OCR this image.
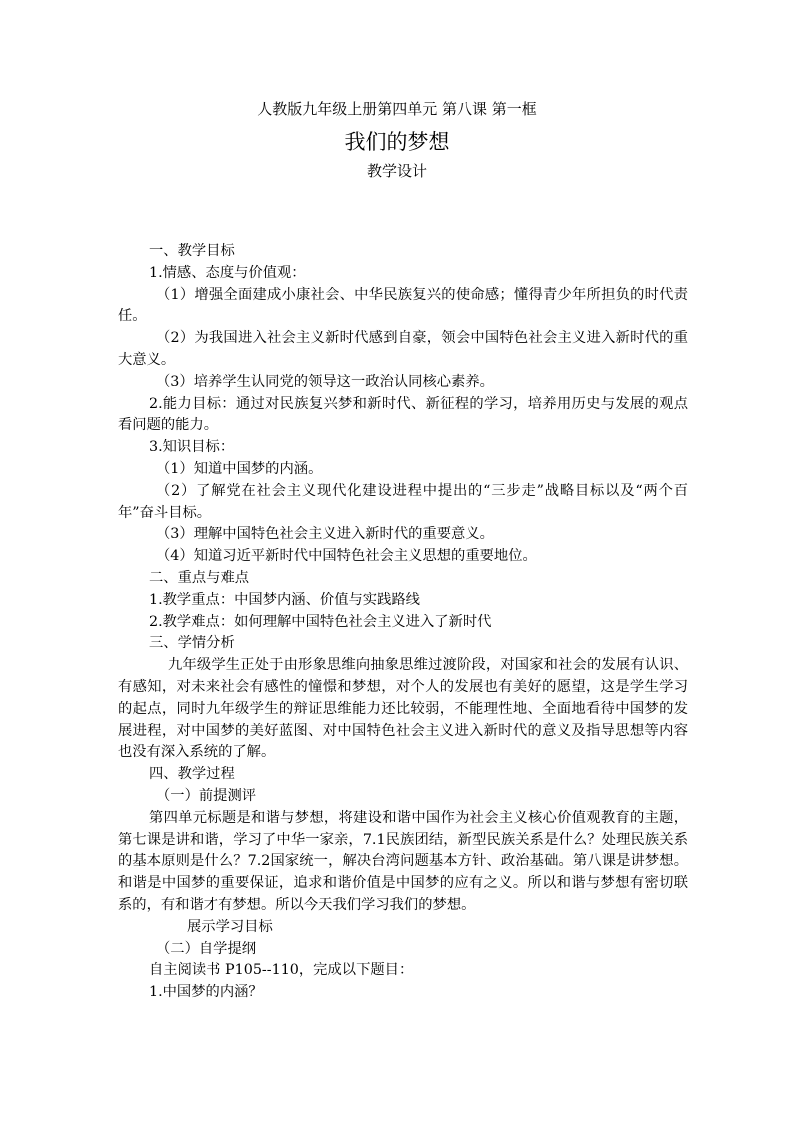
人教版九年级上册第四单元 第八课 第一框
我们的梦想
教学设计

一、教学目标

1.情感、态度与价值观：

（1）增强全面建成小康社会、中华民族复兴的使命感；懂得青少年所担负的时代责任。

（2）为我国进入社会主义新时代感到自豪，领会中国特色社会主义进入新时代的重大意义。

（3）培养学生认同党的领导这一政治认同核心素养。

2.能力目标：通过对民族复兴梦和新时代、新征程的学习，培养用历史与发展的观点看问题的能力。

3.知识目标：

（1）知道中国梦的内涵。

（2）了解党在社会主义现代化建设进程中提出的“三步走”战略目标以及“两个百年”奋斗目标。

（3）理解中国特色社会主义进入新时代的重要意义。

（4）知道习近平新时代中国特色社会主义思想的重要地位。

二、重点与难点

1.教学重点：中国梦内涵、价值与实践路线

2.教学难点：如何理解中国特色社会主义进入了新时代

三、学情分析

九年级学生正处于由形象思维向抽象思维过渡阶段，对国家和社会的发展有认识、有感知，对未来社会有感性的憧憬和梦想，对个人的发展也有美好的愿望，这是学生学习的起点，同时九年级学生的辩证思维能力还比较弱，不能理性地、全面地看待中国梦的发展进程，对中国梦的美好蓝图、对中国特色社会主义进入新时代的意义及指导思想等内容也没有深入系统的了解。

四、教学过程

（一）前提测评

第四单元标题是和谐与梦想，将建设和谐中国作为社会主义核心价值观教育的主题，第七课是讲和谐，学习了中华一家亲，7.1民族团结，新型民族关系是什么？处理民族关系的基本原则是什么？7.2国家统一，解决台湾问题基本方针、政治基础。第八课是讲梦想。和谐是中国梦的重要保证，追求和谐价值是中国梦的应有之义。所以和谐与梦想有密切联系的，有和谐才有梦想。所以今天我们学习我们的梦想。

展示学习目标

（二）自学提纲

自主阅读书 P105--110，完成以下题目：

1.中国梦的内涵？
